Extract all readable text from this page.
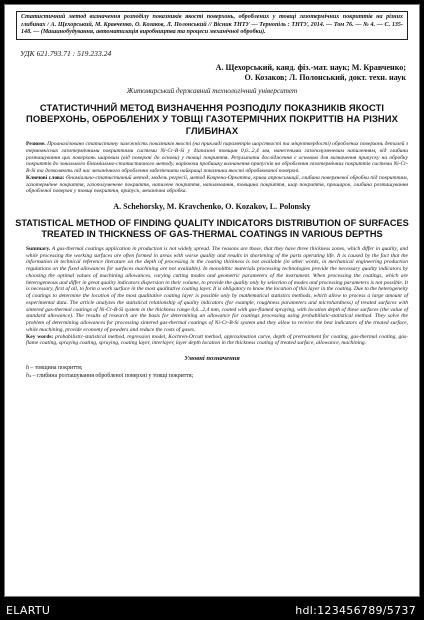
Статистичний метод визначення розподілу показників якості поверхонь, оброблених у товщі газотермічних покриттів на різних глибинах / А. Щехорський, М. Кравченко, О. Козаков, Л. Полонський // Вісник ТНТУ — Тернопіль : ТНТУ, 2014. — Том 76. — № 4. — С. 135-148. — (Машинобудування, автоматизація виробництва та процеси механічної обробки).
УДК 621.793.71 : 519.233.24
А. Щехорський, канд. фіз.-мат. наук; М. Кравченко;
О. Козаков; Л. Полонський, докт. техн. наук
Житомирський державний технологічний університет
СТАТИСТИЧНИЙ МЕТОД ВИЗНАЧЕННЯ РОЗПОДІЛУ ПОКАЗНИКІВ ЯКОСТІ ПОВЕРХОНЬ, ОБРОБЛЕНИХ У ТОВЩІ ГАЗОТЕРМІЧНИХ ПОКРИТТІВ НА РІЗНИХ ГЛИБИНАХ
Резюме. Проаналізовано статистичну залежність показників якості (на прикладі параметрів шорсткості та мікротвердості) оброблених поверхонь деталей з термоякісних газотермічними покриттями системи Ni-Cr-B-Si у діапазоні товщин 0,6...2,4 мм, нанесеними газополуменевим напиленням, від глибини розташування цих поверхонь шаровим (від поверхні до основи) у товщі покриття. Результати дослідження є основою для визначення припуску на обробку покриттів до зонального біноміально-статистичного методу, варіюючи пробишку визначення припусків на оброблення газотермічних покриттів системи Ni-Cr-B-Si та дозволяють під час механічного оброблення забезпечити найкращі показники якості оброблюваної поверхні.
Ключові слова: біноміально-статистичний метод, модель регресії, метод Кочрена-Оркатта, крива апроксимації, глибина поверхневої обробки під покриттям, газотермічне покриття, газополуменеве покриття, напилене покриття, напилювання, товщина покриття, шар покриття, прошарок, глибина розташування обробленої поверхні у товщі покриття, припуск, механічна обробка.
A. Schehorsky, M. Kravchenko, O. Kozakov, L. Polonsky
STATISTICAL METHOD OF FINDING QUALITY INDICATORS DISTRIBUTION OF SURFACES TREATED IN THICKNESS OF GAS-THERMAL COATINGS IN VARIOUS DEPTHS
Summary. A gas-thermal coatings application in production is not widely spread. The reasons are those, that they have three thickness zones, which differ in quality, and while processing the working surfaces are often formed in areas with worse quality and results in shortening of the parts operating life. It is caused by the fact that the information in technical reference literature on the depth of processing in the coating thickness is not available (in other words, in mechanical engineering production regulations on the fixed allowances for surfaces machining are not available). In monolithic materials processing technologies provide the necessary quality indicators by choosing the optimal values of machining allowances, varying cutting modes and geometric parameters of the instrument. When processing the coatings, which are heterogeneous and differ in great quality indicators dispersion in their volume, to provide the quality only by selection of modes and processing parameters is not possible. It is necessary, first of all, to form a work surface in the most qualitative coating layer. It is obligatory to know the location of this layer in the coating. Due to the heterogeneity of coatings to determine the location of the most qualitative coating layer is possible only by mathematical statistics methods, which allow to process a large amount of experimental data. The article analyzes the statistical relationship of quality indicators (for example, roughness parameters and microhardness) of treated surfaces with sintered gas-thermal coatings of Ni-Cr-B-Si system in the thickness range 0,6...2,4 mm, coated with gas-flamed spraying, with location depth of these surfaces (the value of standard allowance). The results of research are the basis for determining an allowance for coatings processing using probabilistic-statistical method. They solve the problem of determining allowances for processing sintered gas-thermal coatings of Ni-Cr-B-Si system and they allow to receive the best indicators of the treated surface, while machining, provide economy of powders and reduce the costs of gases.
Key words: probabilistic-statistical method, regression model, Kochren-Orcutt method, approximation curve, depth of pretreatment for coating, gas-thermal coating, gas-flame coating, spraying coating, spraying, coating layer, interlayer, layer depth location in the thickness coating of treated surface, allowance, machining.
Умовні позначення
h – товщина покриття;
hₛ – глибина розташування обробленої поверхні у товщі покриття;
ELARTU	hdl:123456789/5737
